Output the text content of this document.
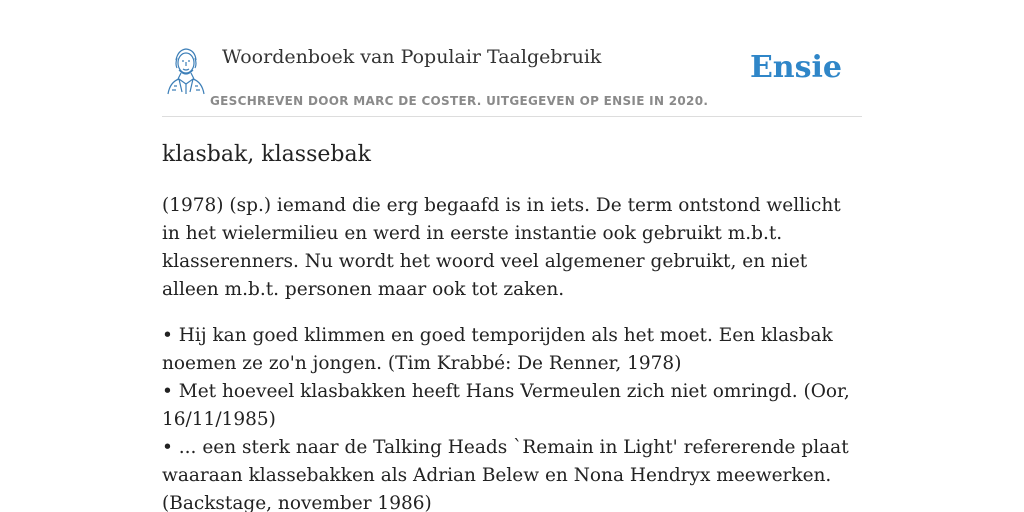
Woordenboek van Populair Taalgebruik
GESCHREVEN DOOR MARC DE COSTER. UITGEGEVEN OP ENSIE IN 2020.
Ensie
klasbak, klassebak

(1978) (sp.) iemand die erg begaafd is in iets. De term ontstond wellicht in het wielermilieu en werd in eerste instantie ook gebruikt m.b.t. klasserenners. Nu wordt het woord veel algemener gebruikt, en niet alleen m.b.t. personen maar ook tot zaken.

• Hij kan goed klimmen en goed temporijden als het moet. Een klasbak noemen ze zo'n jongen. (Tim Krabbé: De Renner, 1978)
• Met hoeveel klasbakken heeft Hans Vermeulen zich niet omringd. (Oor, 16/11/1985)
• ... een sterk naar de Talking Heads `Remain in Light' refererende plaat waaraan klassebakken als Adrian Belew en Nona Hendryx meewerken. (Backstage, november 1986)
